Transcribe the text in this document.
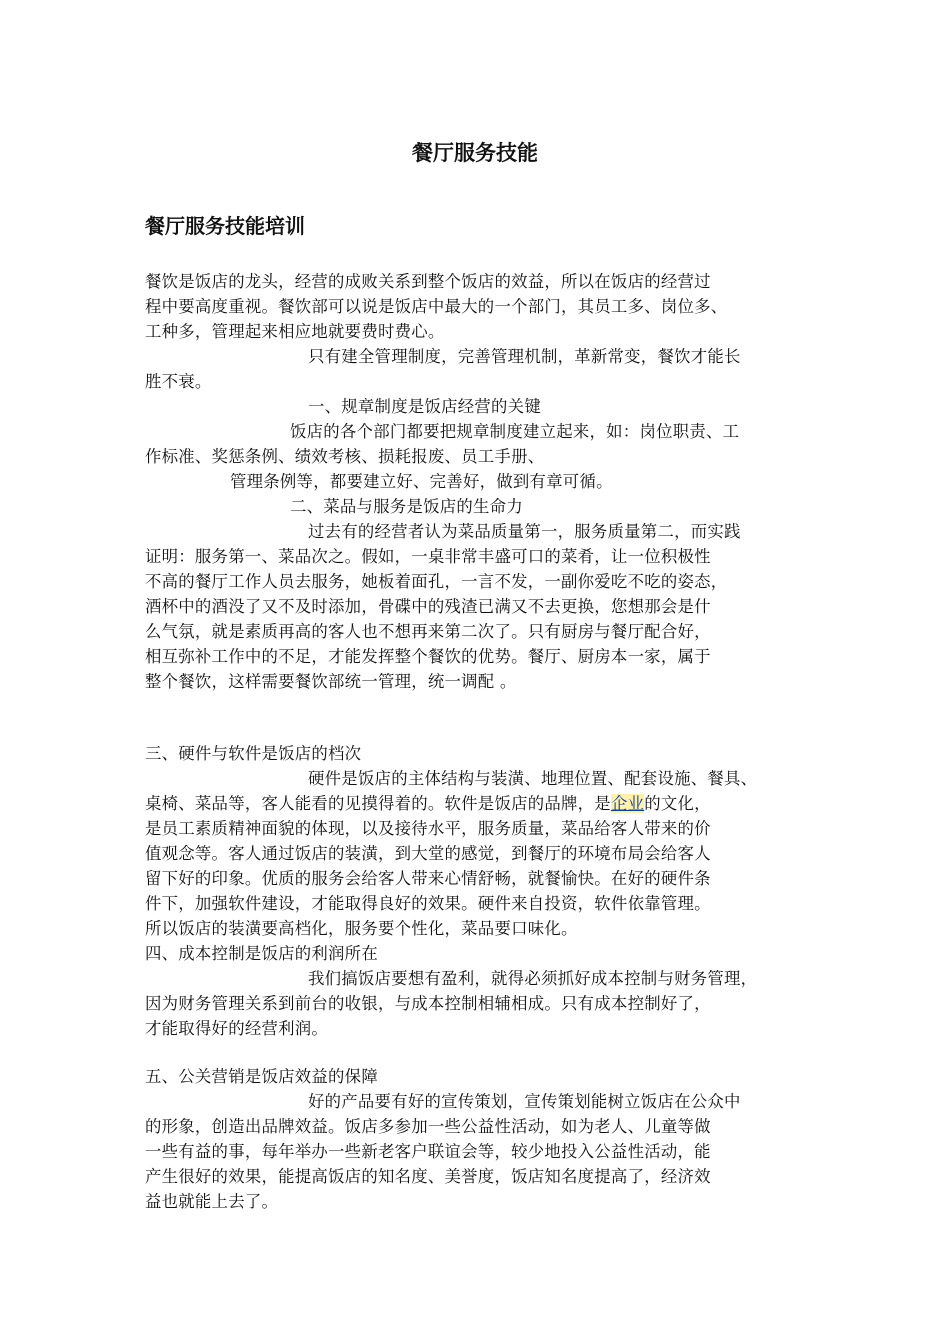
餐厅服务技能
餐厅服务技能培训
餐饮是饭店的龙头，经营的成败关系到整个饭店的效益，所以在饭店的经营过
程中要高度重视。餐饮部可以说是饭店中最大的一个部门，其员工多、岗位多、
工种多，管理起来相应地就要费时费心。
只有建全管理制度，完善管理机制，革新常变，餐饮才能长
胜不衰。
一、规章制度是饭店经营的关键
饭店的各个部门都要把规章制度建立起来，如：岗位职责、工
作标准、奖惩条例、绩效考核、损耗报废、员工手册、
管理条例等，都要建立好、完善好，做到有章可循。
二、菜品与服务是饭店的生命力
过去有的经营者认为菜品质量第一，服务质量第二，而实践
证明：服务第一、菜品次之。假如，一桌非常丰盛可口的菜肴，让一位积极性
不高的餐厅工作人员去服务，她板着面孔，一言不发，一副你爱吃不吃的姿态，
酒杯中的酒没了又不及时添加，骨碟中的残渣已满又不去更换，您想那会是什
么气氛，就是素质再高的客人也不想再来第二次了。只有厨房与餐厅配合好，
相互弥补工作中的不足，才能发挥整个餐饮的优势。餐厅、厨房本一家，属于
整个餐饮，这样需要餐饮部统一管理，统一调配 。
三、硬件与软件是饭店的档次
硬件是饭店的主体结构与装潢、地理位置、配套设施、餐具、
桌椅、菜品等，客人能看的见摸得着的。软件是饭店的品牌，是企业的文化，
是员工素质精神面貌的体现，以及接待水平，服务质量，菜品给客人带来的价
值观念等。客人通过饭店的装潢，到大堂的感觉，到餐厅的环境布局会给客人
留下好的印象。优质的服务会给客人带来心情舒畅，就餐愉快。在好的硬件条
件下，加强软件建设，才能取得良好的效果。硬件来自投资，软件依靠管理。
所以饭店的装潢要高档化，服务要个性化，菜品要口味化。
四、成本控制是饭店的利润所在
我们搞饭店要想有盈利，就得必须抓好成本控制与财务管理，
因为财务管理关系到前台的收银，与成本控制相辅相成。只有成本控制好了，
才能取得好的经营利润。
五、公关营销是饭店效益的保障
好的产品要有好的宣传策划，宣传策划能树立饭店在公众中
的形象，创造出品牌效益。饭店多参加一些公益性活动，如为老人、儿童等做
一些有益的事，每年举办一些新老客户联谊会等，较少地投入公益性活动，能
产生很好的效果，能提高饭店的知名度、美誉度，饭店知名度提高了，经济效
益也就能上去了。
